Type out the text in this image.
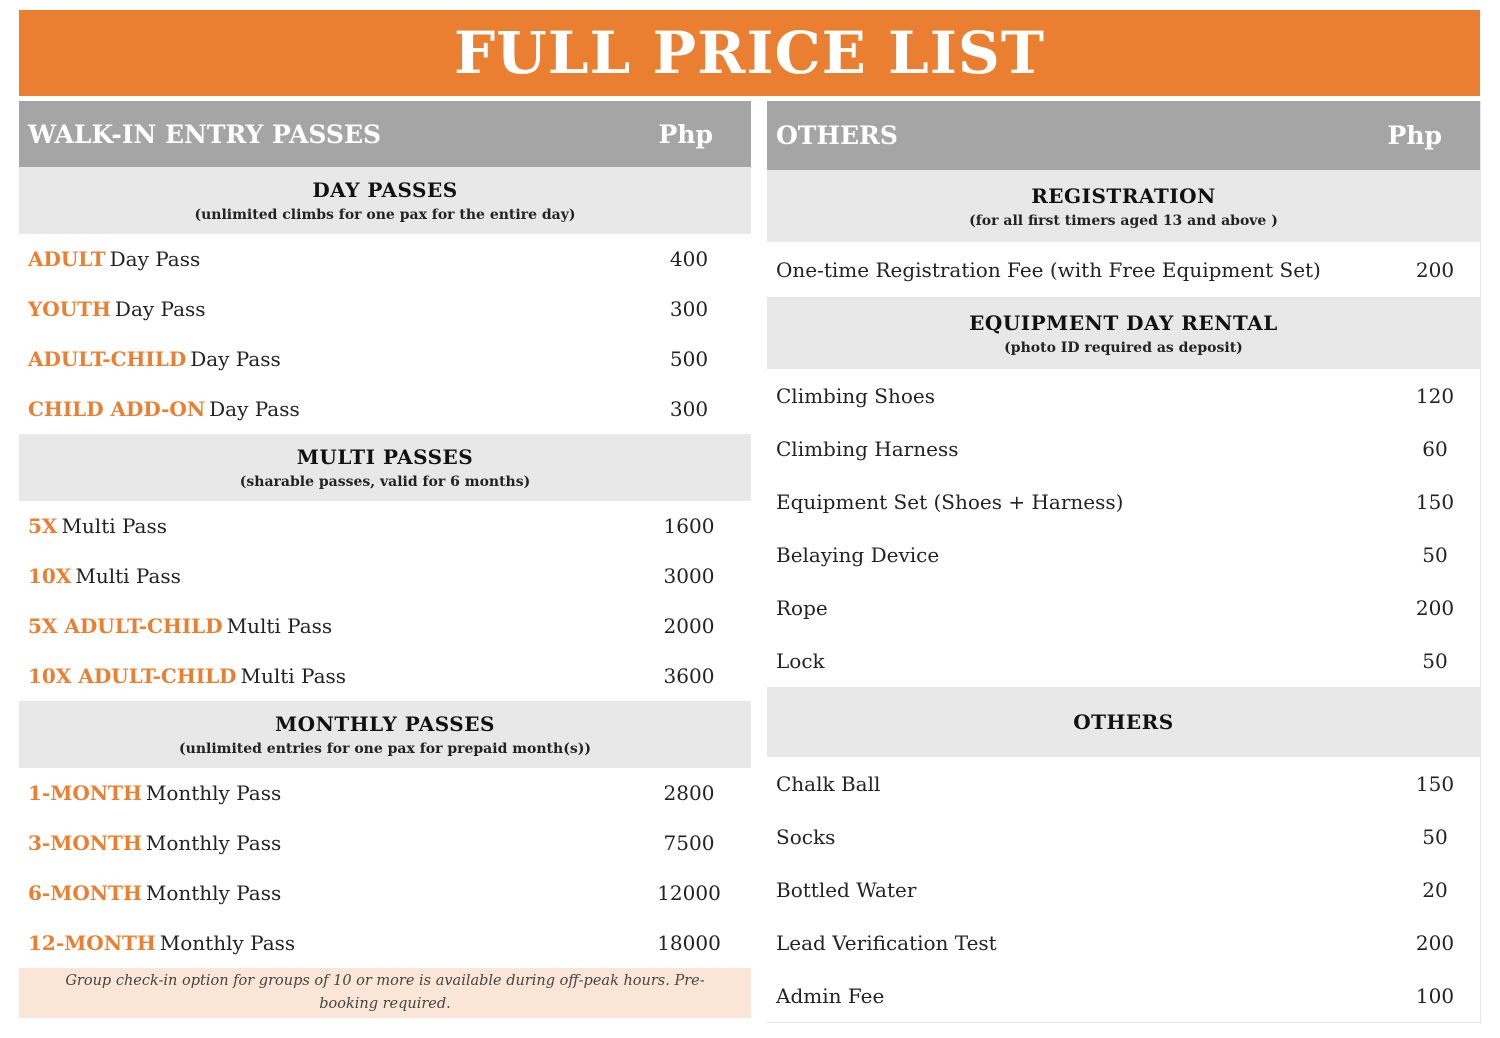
FULL PRICE LIST
WALK-IN ENTRY PASSES	Php
DAY PASSES
(unlimited climbs for one pax for the entire day)
ADULT Day Pass	400
YOUTH Day Pass	300
ADULT-CHILD Day Pass	500
CHILD ADD-ON Day Pass	300
MULTI PASSES
(sharable passes, valid for 6 months)
5X Multi Pass	1600
10X Multi Pass	3000
5X ADULT-CHILD Multi Pass	2000
10X ADULT-CHILD Multi Pass	3600
MONTHLY PASSES
(unlimited entries for one pax for prepaid month(s))
1-MONTH Monthly Pass	2800
3-MONTH Monthly Pass	7500
6-MONTH Monthly Pass	12000
12-MONTH Monthly Pass	18000
Group check-in option for groups of 10 or more is available during off-peak hours. Pre-booking required.
OTHERS	Php
REGISTRATION
(for all first timers aged 13 and above )
One-time Registration Fee (with Free Equipment Set)	200
EQUIPMENT DAY RENTAL
(photo ID required as deposit)
Climbing Shoes	120
Climbing Harness	60
Equipment Set (Shoes + Harness)	150
Belaying Device	50
Rope	200
Lock	50
OTHERS
Chalk Ball	150
Socks	50
Bottled Water	20
Lead Verification Test	200
Admin Fee	100
